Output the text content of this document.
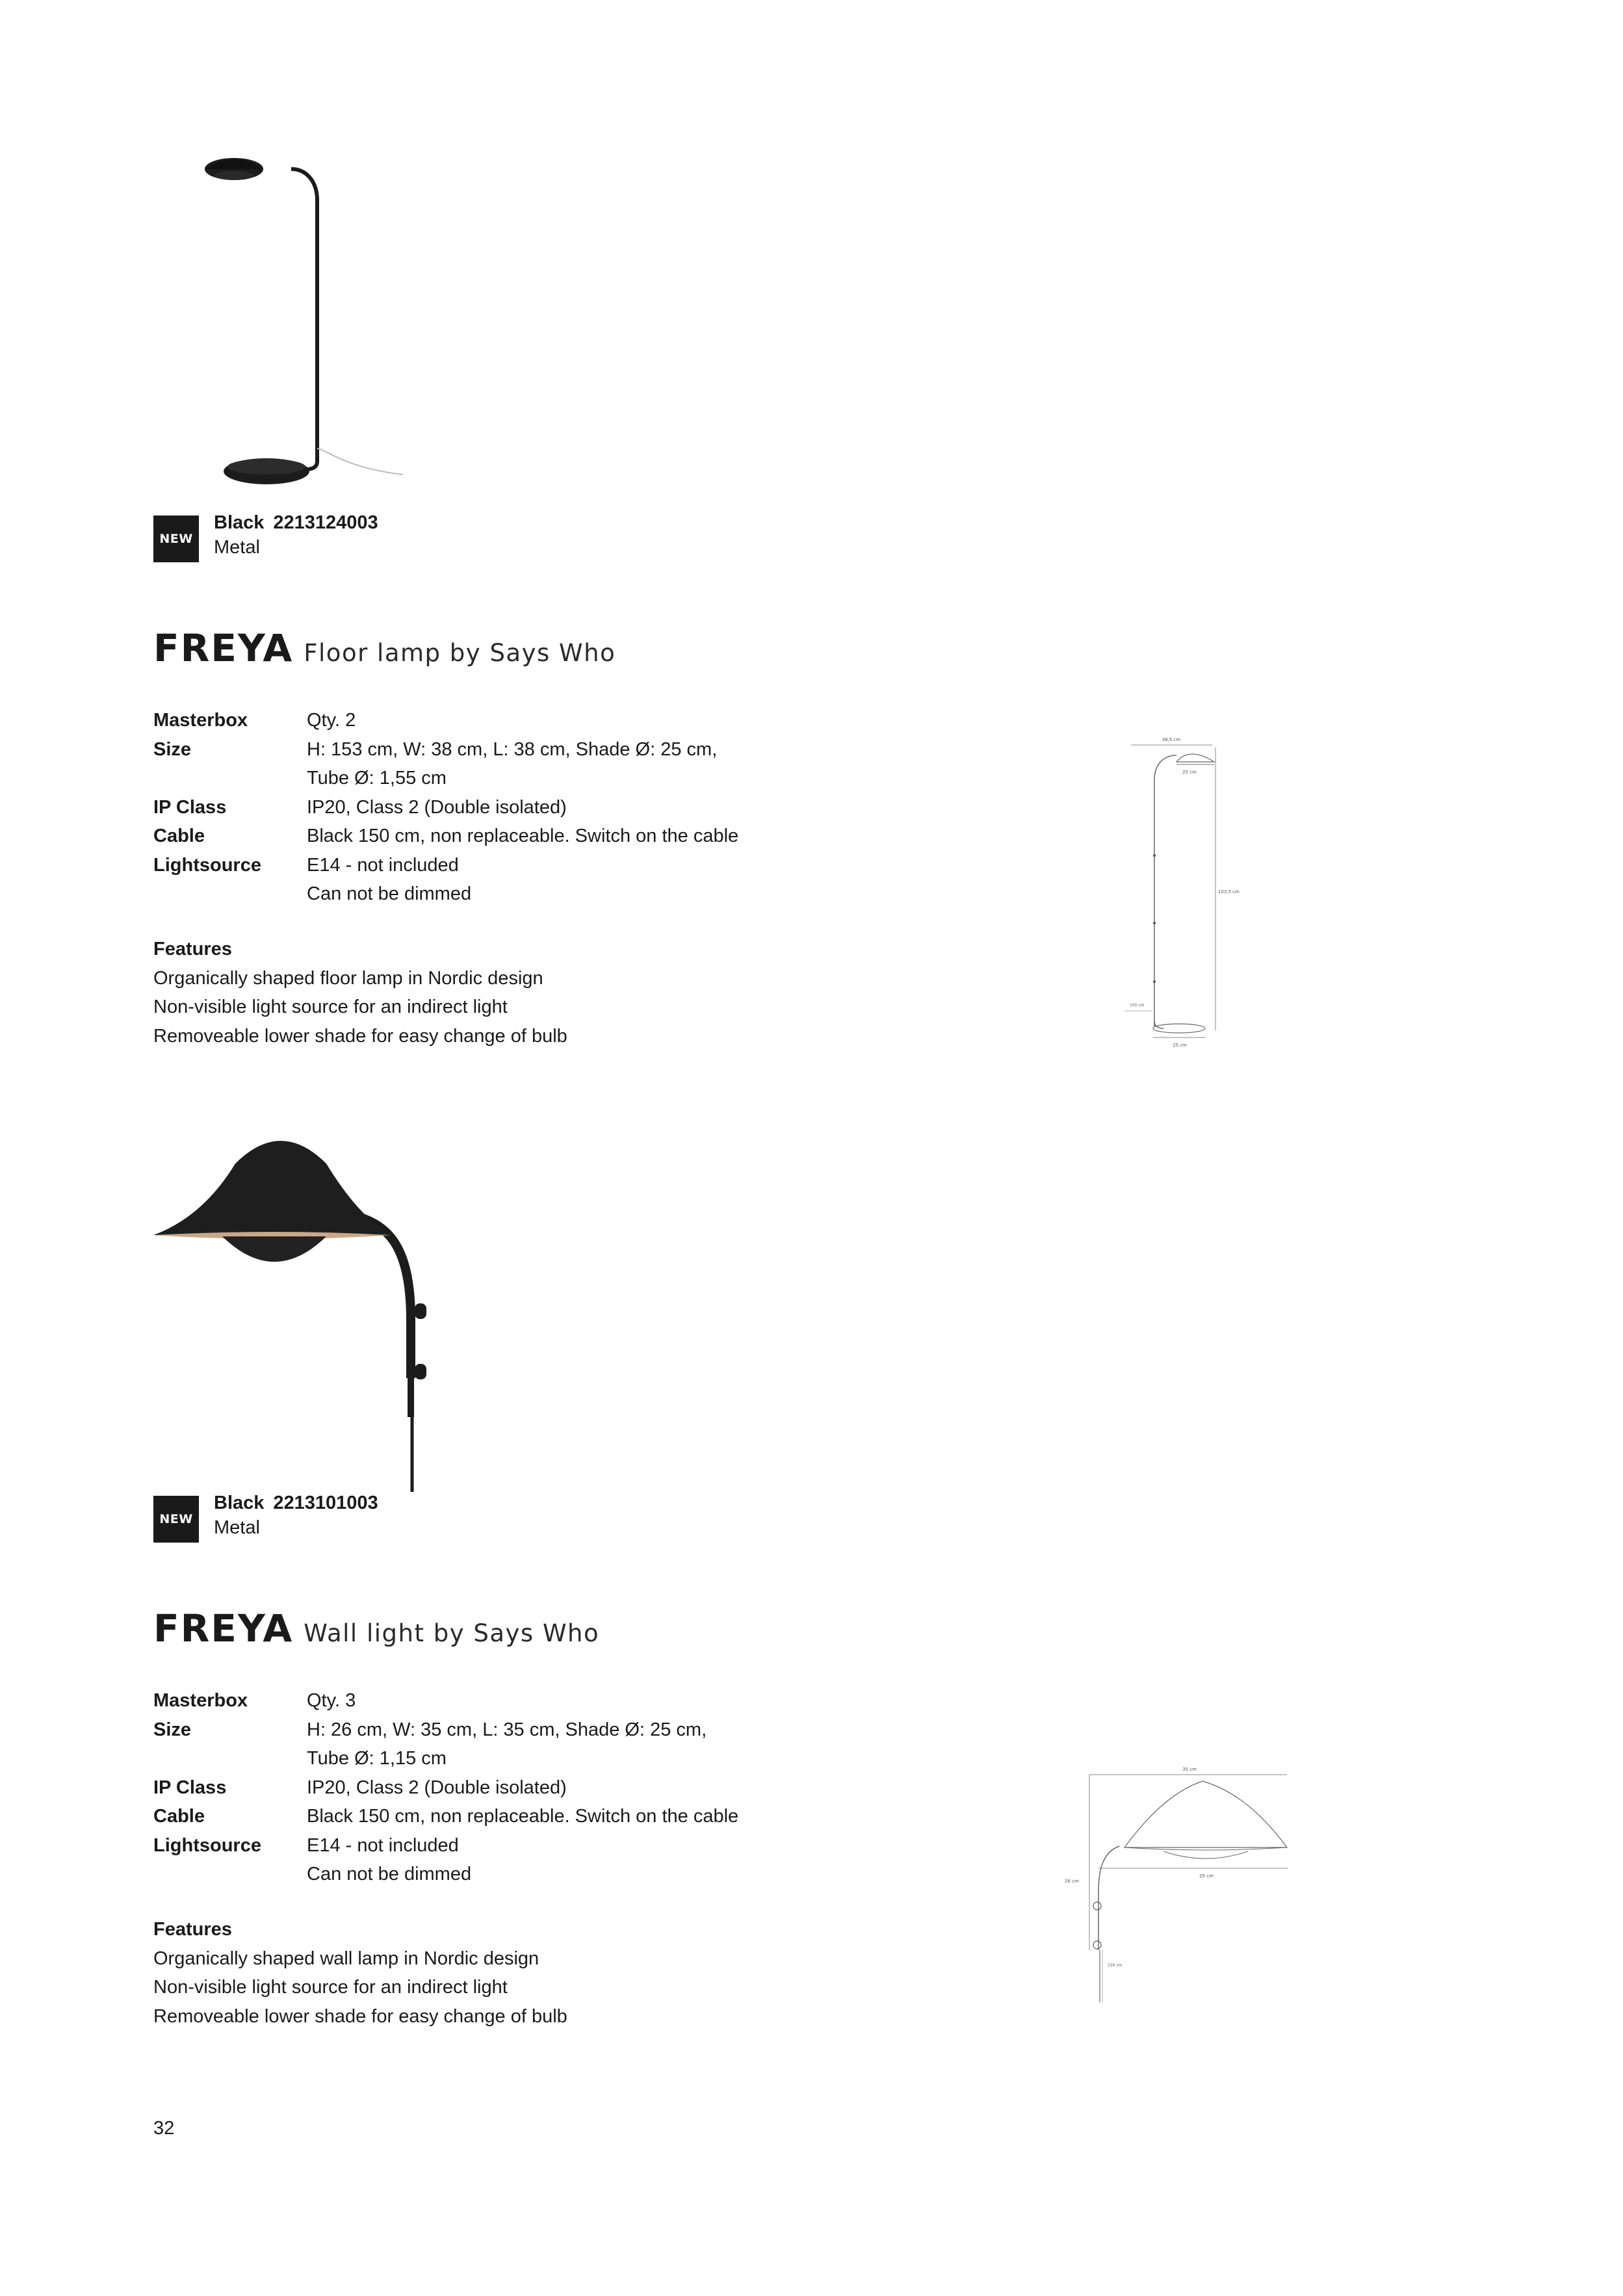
NEW
Black 2213124003
Metal
FREYA Floor lamp by Says Who
Masterbox	Qty. 2
Size	H: 153 cm, W: 38 cm, L: 38 cm, Shade Ø: 25 cm,
Tube Ø: 1,55 cm
IP Class	IP20, Class 2 (Double isolated)
Cable	Black 150 cm, non replaceable. Switch on the cable
Lightsource	E14 - not included
Can not be dimmed
Features
Organically shaped floor lamp in Nordic design
Non-visible light source for an indirect light
Removeable lower shade for easy change of bulb
38,5 cm
25 cm
153,5 cm
25 cm
150 cm
NEW
Black 2213101003
Metal
FREYA Wall light by Says Who
Masterbox	Qty. 3
Size	H: 26 cm, W: 35 cm, L: 35 cm, Shade Ø: 25 cm,
Tube Ø: 1,15 cm
IP Class	IP20, Class 2 (Double isolated)
Cable	Black 150 cm, non replaceable. Switch on the cable
Lightsource	E14 - not included
Can not be dimmed
Features
Organically shaped wall lamp in Nordic design
Non-visible light source for an indirect light
Removeable lower shade for easy change of bulb
35 cm
26 cm
25 cm
150 cm
32
